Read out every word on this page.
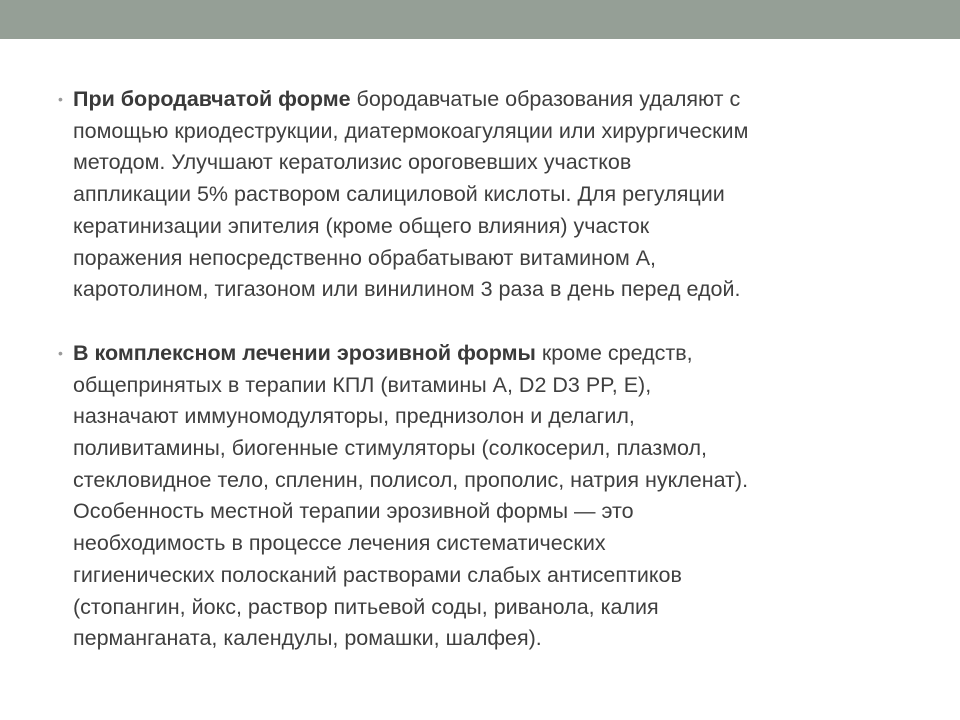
• При бородавчатой форме бородавчатые образования удаляют с
помощью криодеструкции, диатермокоагуляции или хирургическим
методом. Улучшают кератолизис ороговевших участков
аппликации 5% раствором салициловой кислоты. Для регуляции
кератинизации эпителия (кроме общего влияния) участок
поражения непосредственно обрабатывают витамином А,
каротолином, тигазоном или винилином 3 раза в день перед едой.
• В комплексном лечении эрозивной формы кроме средств,
общепринятых в терапии КПЛ (витамины А, D2 D3 PP, E),
назначают иммуномодуляторы, преднизолон и делагил,
поливитамины, биогенные стимуляторы (солкосерил, плазмол,
стекловидное тело, спленин, полисол, прополис, натрия нукленат).
Особенность местной терапии эрозивной формы — это
необходимость в процессе лечения систематических
гигиенических полосканий растворами слабых антисептиков
(стопангин, йокс, раствор питьевой соды, риванола, калия
перманганата, календулы, ромашки, шалфея).
